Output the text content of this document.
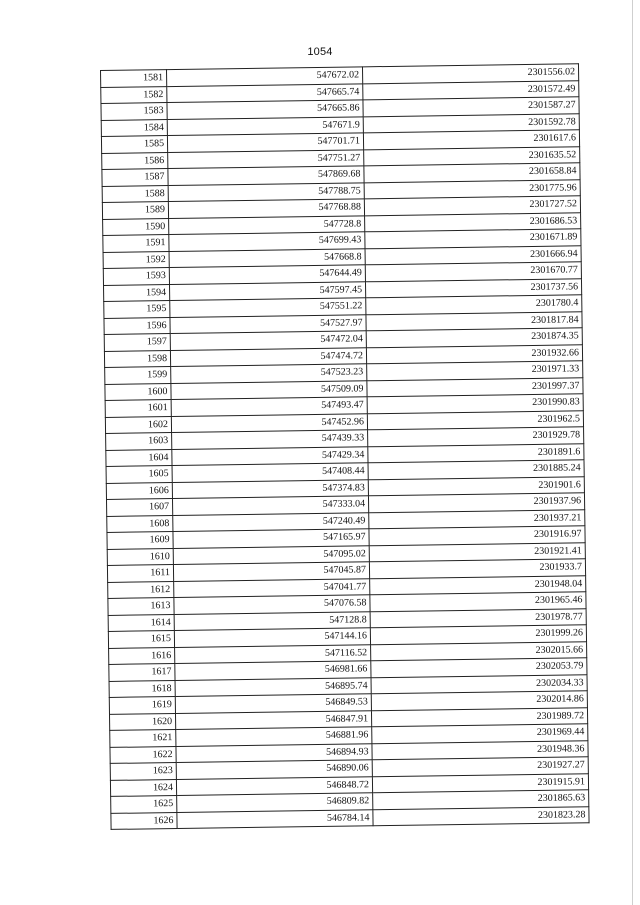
1054
1581	547672.02	2301556.02
1582	547665.74	2301572.49
1583	547665.86	2301587.27
1584	547671.9	2301592.78
1585	547701.71	2301617.6
1586	547751.27	2301635.52
1587	547869.68	2301658.84
1588	547788.75	2301775.96
1589	547768.88	2301727.52
1590	547728.8	2301686.53
1591	547699.43	2301671.89
1592	547668.8	2301666.94
1593	547644.49	2301670.77
1594	547597.45	2301737.56
1595	547551.22	2301780.4
1596	547527.97	2301817.84
1597	547472.04	2301874.35
1598	547474.72	2301932.66
1599	547523.23	2301971.33
1600	547509.09	2301997.37
1601	547493.47	2301990.83
1602	547452.96	2301962.5
1603	547439.33	2301929.78
1604	547429.34	2301891.6
1605	547408.44	2301885.24
1606	547374.83	2301901.6
1607	547333.04	2301937.96
1608	547240.49	2301937.21
1609	547165.97	2301916.97
1610	547095.02	2301921.41
1611	547045.87	2301933.7
1612	547041.77	2301948.04
1613	547076.58	2301965.46
1614	547128.8	2301978.77
1615	547144.16	2301999.26
1616	547116.52	2302015.66
1617	546981.66	2302053.79
1618	546895.74	2302034.33
1619	546849.53	2302014.86
1620	546847.91	2301989.72
1621	546881.96	2301969.44
1622	546894.93	2301948.36
1623	546890.06	2301927.27
1624	546848.72	2301915.91
1625	546809.82	2301865.63
1626	546784.14	2301823.28
